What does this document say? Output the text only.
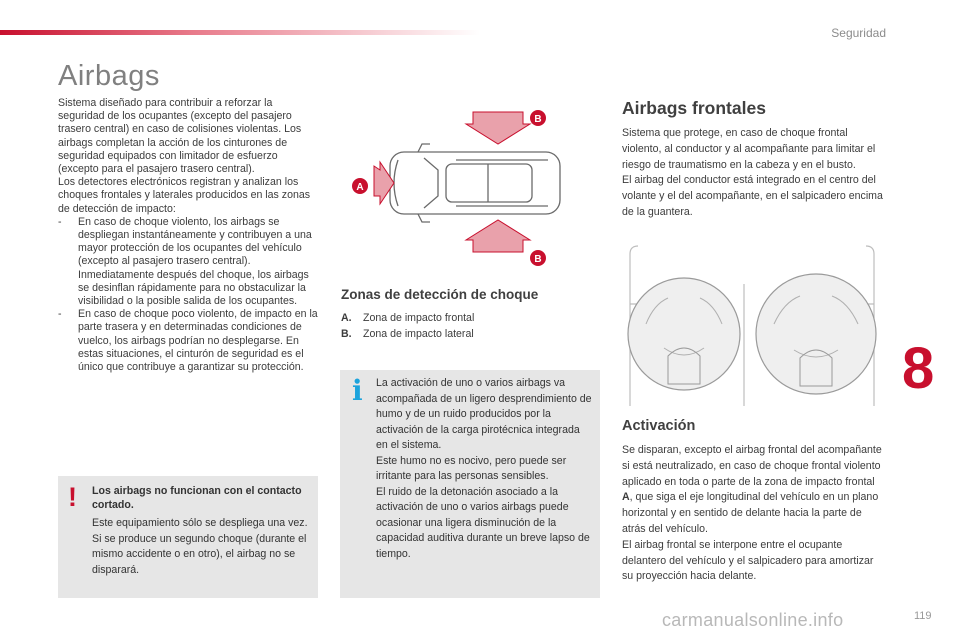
Seguridad
Airbags

Sistema diseñado para contribuir a reforzar la seguridad de los ocupantes (excepto del pasajero trasero central) en caso de colisiones violentas. Los airbags completan la acción de los cinturones de seguridad equipados con limitador de esfuerzo (excepto para el pasajero trasero central).

Los detectores electrónicos registran y analizan los choques frontales y laterales producidos en las zonas de detección de impacto:

-	En caso de choque violento, los airbags se despliegan instantáneamente y contribuyen a una mayor protección de los ocupantes del vehículo (excepto al pasajero trasero central). Inmediatamente después del choque, los airbags se desinflan rápidamente para no obstaculizar la visibilidad o la posible salida de los ocupantes.
-	En caso de choque poco violento, de impacto en la parte trasera y en determinadas condiciones de vuelco, los airbags podrían no desplegarse. En estas situaciones, el cinturón de seguridad es el único que contribuye a garantizar su protección.
! Los airbags no funcionan con el contacto cortado.
Este equipamiento sólo se despliega una vez. Si se produce un segundo choque (durante el mismo accidente o en otro), el airbag no se disparará.
B
B
A
Zonas de detección de choque
A. Zona de impacto frontal
B. Zona de impacto lateral
i La activación de uno o varios airbags va acompañada de un ligero desprendimiento de humo y de un ruido producidos por la activación de la carga pirotécnica integrada en el sistema.
Este humo no es nocivo, pero puede ser irritante para las personas sensibles.
El ruido de la detonación asociado a la activación de uno o varios airbags puede ocasionar una ligera disminución de la capacidad auditiva durante un breve lapso de tiempo.
Airbags frontales

Sistema que protege, en caso de choque frontal violento, al conductor y al acompañante para limitar el riesgo de traumatismo en la cabeza y en el busto.

El airbag del conductor está integrado en el centro del volante y el del acompañante, en el salpicadero encima de la guantera.

Activación

Se disparan, excepto el airbag frontal del acompañante si está neutralizado, en caso de choque frontal violento aplicado en toda o parte de la zona de impacto frontal A, que siga el eje longitudinal del vehículo en un plano horizontal y en sentido de delante hacia la parte de atrás del vehículo.

El airbag frontal se interpone entre el ocupante delantero del vehículo y el salpicadero para amortizar su proyección hacia delante.

8
119
carmanualsonline.info
